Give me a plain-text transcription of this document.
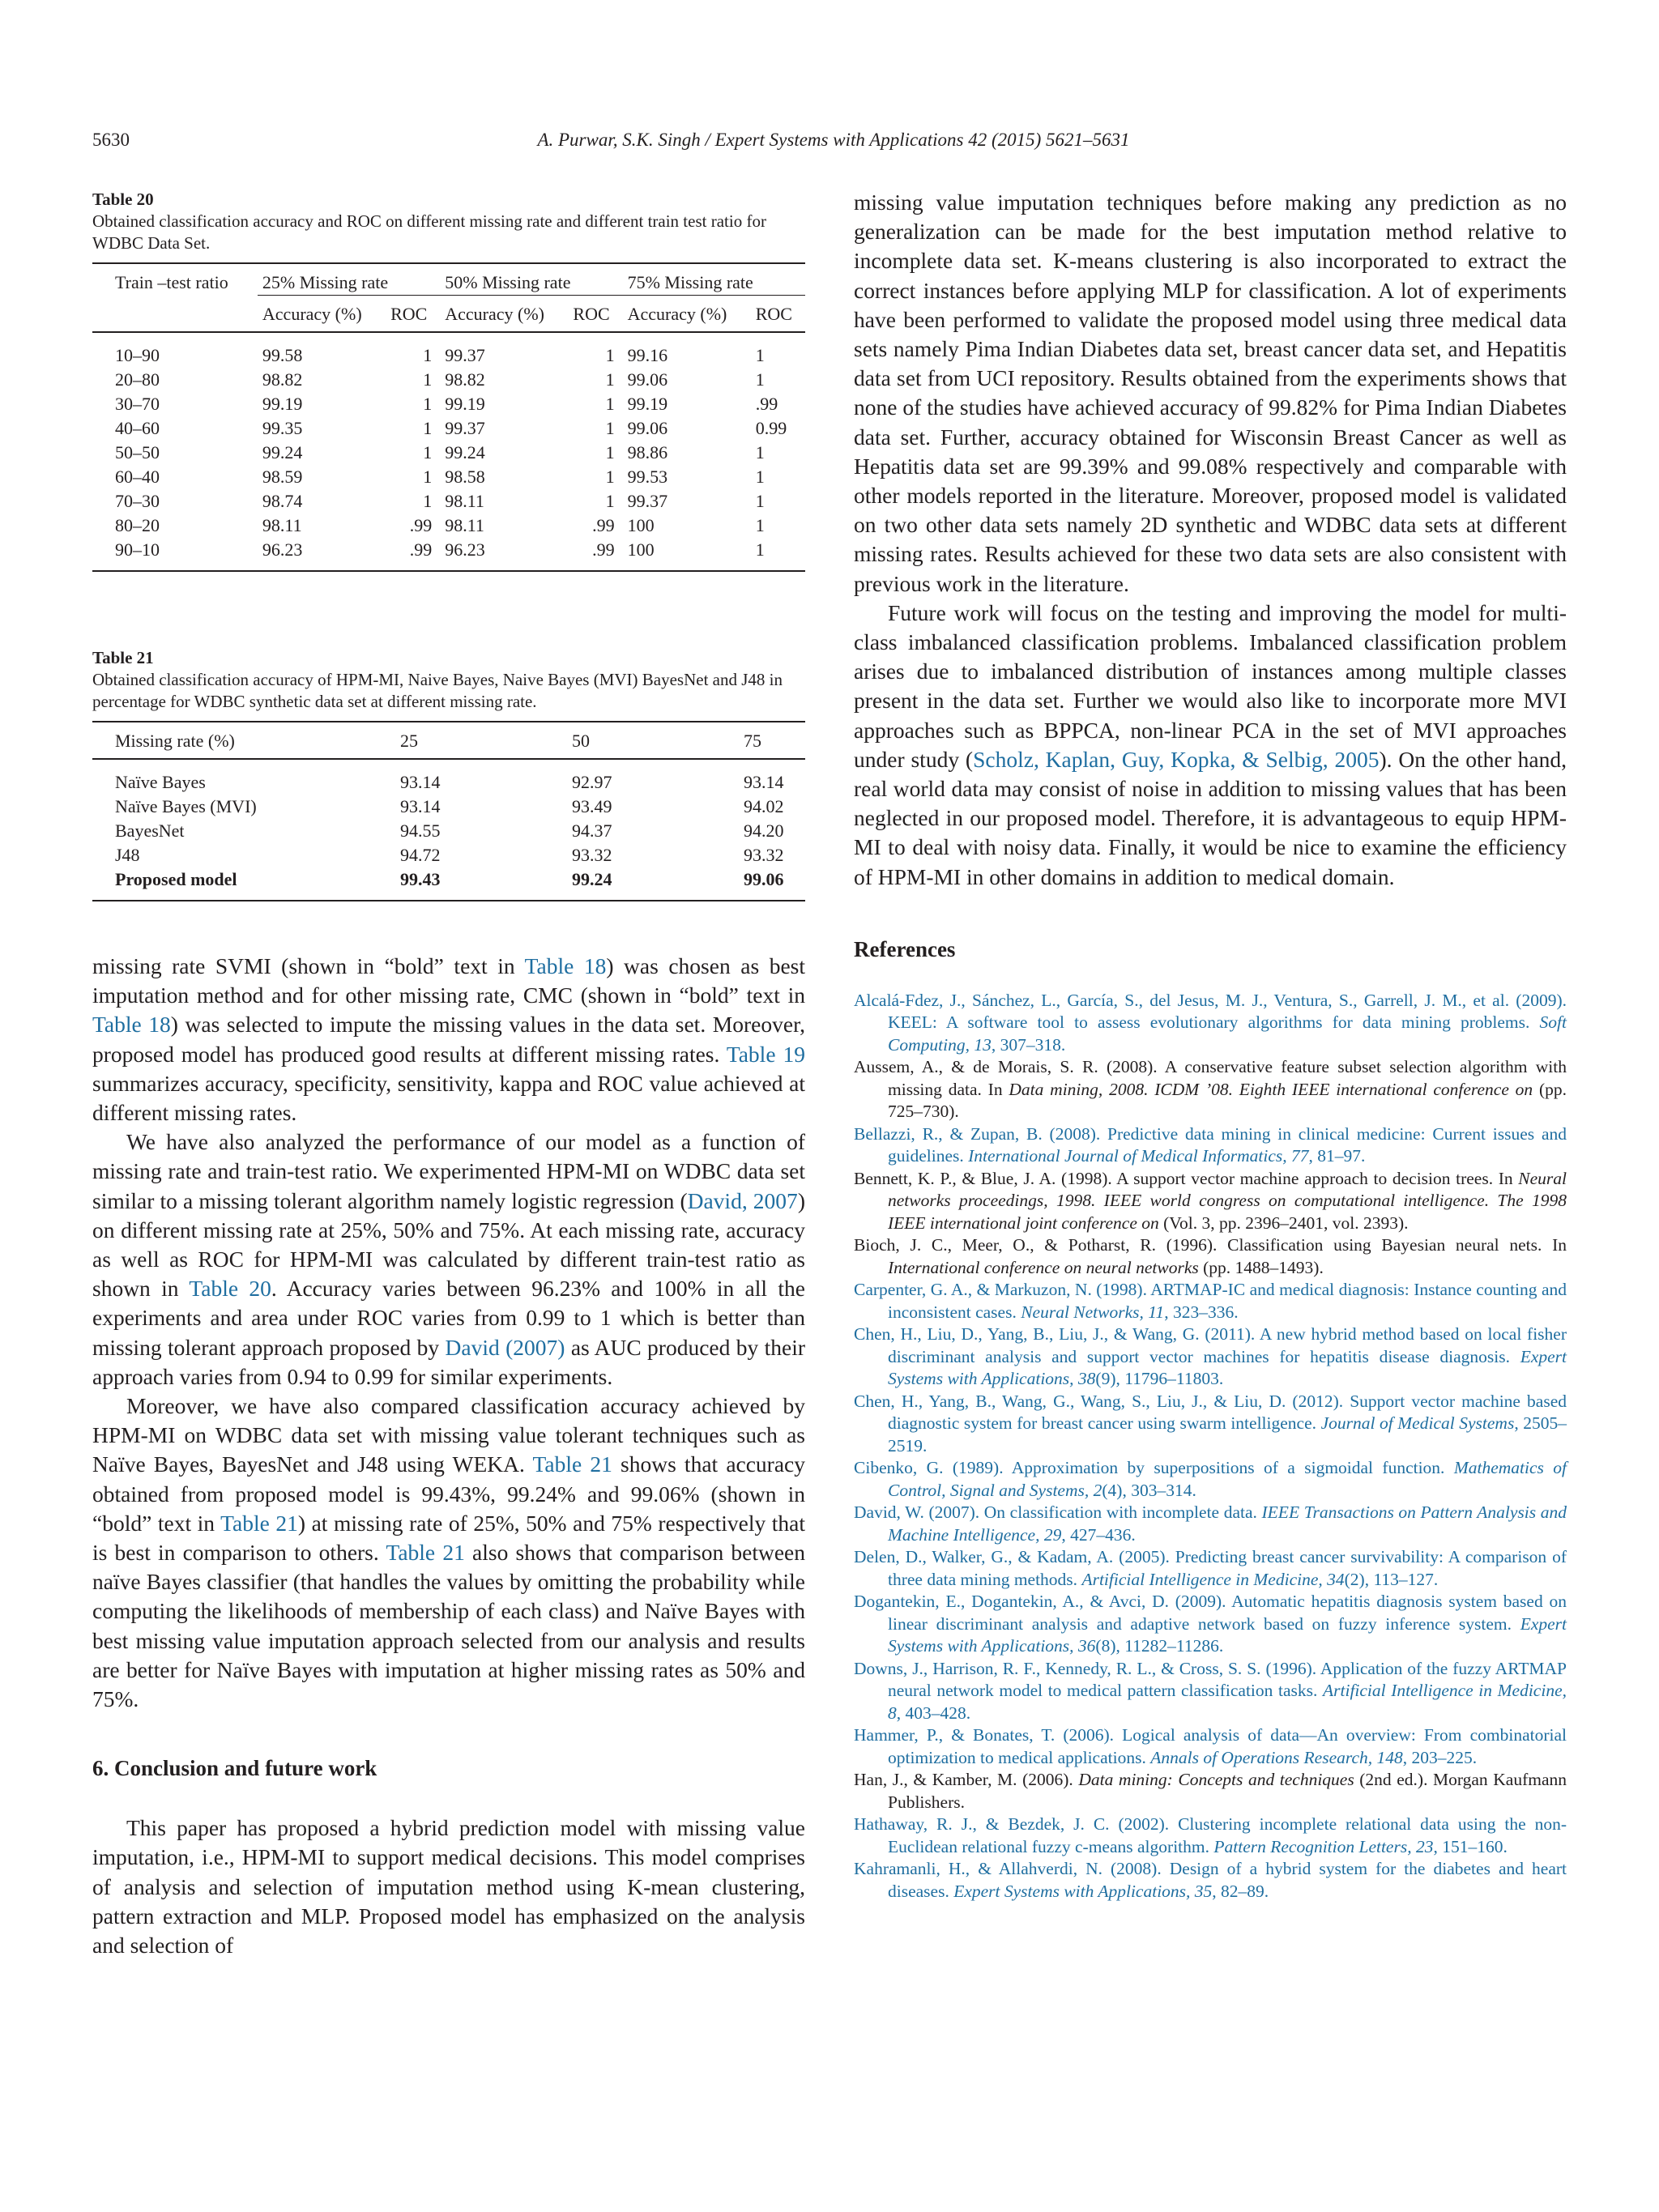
5630	A. Purwar, S.K. Singh / Expert Systems with Applications 42 (2015) 5621–5631

Table 20

Obtained classification accuracy and ROC on different missing rate and different train test ratio for WDBC Data Set.

Train –test ratio	25% Missing rate		50% Missing rate		75% Missing rate	
	Accuracy (%)	ROC	Accuracy (%)	ROC	Accuracy (%)	ROC

10–90	99.58	1	99.37	1	99.16	1
20–80	98.82	1	98.82	1	99.06	1
30–70	99.19	1	99.19	1	99.19	.99
40–60	99.35	1	99.37	1	99.06	0.99
50–50	99.24	1	99.24	1	98.86	1
60–40	98.59	1	98.58	1	99.53	1
70–30	98.74	1	98.11	1	99.37	1
80–20	98.11	.99	98.11	.99	100	1
90–10	96.23	.99	96.23	.99	100	1

Table 21

Obtained classification accuracy of HPM-MI, Naive Bayes, Naive Bayes (MVI) BayesNet and J48 in percentage for WDBC synthetic data set at different missing rate.

Missing rate (%)	25	50	75

Naïve Bayes	93.14	92.97	93.14
Naïve Bayes (MVI)	93.14	93.49	94.02
BayesNet	94.55	94.37	94.20
J48	94.72	93.32	93.32
Proposed model	99.43	99.24	99.06

missing rate SVMI (shown in “bold” text in Table 18) was chosen as best imputation method and for other missing rate, CMC (shown in “bold” text in Table 18) was selected to impute the missing values in the data set. Moreover, proposed model has produced good results at different missing rates. Table 19 summarizes accuracy, specificity, sensitivity, kappa and ROC value achieved at different missing rates.

We have also analyzed the performance of our model as a function of missing rate and train-test ratio. We experimented HPM-MI on WDBC data set similar to a missing tolerant algorithm namely logistic regression (David, 2007) on different missing rate at 25%, 50% and 75%. At each missing rate, accuracy as well as ROC for HPM-MI was calculated by different train-test ratio as shown in Table 20. Accuracy varies between 96.23% and 100% in all the experiments and area under ROC varies from 0.99 to 1 which is better than missing tolerant approach proposed by David (2007) as AUC produced by their approach varies from 0.94 to 0.99 for similar experiments.

Moreover, we have also compared classification accuracy achieved by HPM-MI on WDBC data set with missing value tolerant techniques such as Naïve Bayes, BayesNet and J48 using WEKA. Table 21 shows that accuracy obtained from proposed model is 99.43%, 99.24% and 99.06% (shown in “bold” text in Table 21) at missing rate of 25%, 50% and 75% respectively that is best in comparison to others. Table 21 also shows that comparison between naïve Bayes classifier (that handles the values by omitting the probability while computing the likelihoods of membership of each class) and Naïve Bayes with best missing value imputation approach selected from our analysis and results are better for Naïve Bayes with imputation at higher missing rates as 50% and 75%.

6. Conclusion and future work

This paper has proposed a hybrid prediction model with missing value imputation, i.e., HPM-MI to support medical decisions. This model comprises of analysis and selection of imputation method using K-mean clustering, pattern extraction and MLP. Proposed model has emphasized on the analysis and selection of

missing value imputation techniques before making any prediction as no generalization can be made for the best imputation method relative to incomplete data set. K-means clustering is also incorporated to extract the correct instances before applying MLP for classification. A lot of experiments have been performed to validate the proposed model using three medical data sets namely Pima Indian Diabetes data set, breast cancer data set, and Hepatitis data set from UCI repository. Results obtained from the experiments shows that none of the studies have achieved accuracy of 99.82% for Pima Indian Diabetes data set. Further, accuracy obtained for Wisconsin Breast Cancer as well as Hepatitis data set are 99.39% and 99.08% respectively and comparable with other models reported in the literature. Moreover, proposed model is validated on two other data sets namely 2D synthetic and WDBC data sets at different missing rates. Results achieved for these two data sets are also consistent with previous work in the literature.

Future work will focus on the testing and improving the model for multi-class imbalanced classification problems. Imbalanced classification problem arises due to imbalanced distribution of instances among multiple classes present in the data set. Further we would also like to incorporate more MVI approaches such as BPPCA, non-linear PCA in the set of MVI approaches under study (Scholz, Kaplan, Guy, Kopka, & Selbig, 2005). On the other hand, real world data may consist of noise in addition to missing values that has been neglected in our proposed model. Therefore, it is advantageous to equip HPM-MI to deal with noisy data. Finally, it would be nice to examine the efficiency of HPM-MI in other domains in addition to medical domain.

References

Alcalá-Fdez, J., Sánchez, L., García, S., del Jesus, M. J., Ventura, S., Garrell, J. M., et al. (2009). KEEL: A software tool to assess evolutionary algorithms for data mining problems. Soft Computing, 13, 307–318.

Aussem, A., & de Morais, S. R. (2008). A conservative feature subset selection algorithm with missing data. In Data mining, 2008. ICDM ’08. Eighth IEEE international conference on (pp. 725–730).

Bellazzi, R., & Zupan, B. (2008). Predictive data mining in clinical medicine: Current issues and guidelines. International Journal of Medical Informatics, 77, 81–97.

Bennett, K. P., & Blue, J. A. (1998). A support vector machine approach to decision trees. In Neural networks proceedings, 1998. IEEE world congress on computational intelligence. The 1998 IEEE international joint conference on (Vol. 3, pp. 2396–2401, vol. 2393).

Bioch, J. C., Meer, O., & Potharst, R. (1996). Classification using Bayesian neural nets. In International conference on neural networks (pp. 1488–1493).

Carpenter, G. A., & Markuzon, N. (1998). ARTMAP-IC and medical diagnosis: Instance counting and inconsistent cases. Neural Networks, 11, 323–336.

Chen, H., Liu, D., Yang, B., Liu, J., & Wang, G. (2011). A new hybrid method based on local fisher discriminant analysis and support vector machines for hepatitis disease diagnosis. Expert Systems with Applications, 38(9), 11796–11803.

Chen, H., Yang, B., Wang, G., Wang, S., Liu, J., & Liu, D. (2012). Support vector machine based diagnostic system for breast cancer using swarm intelligence. Journal of Medical Systems, 2505–2519.

Cibenko, G. (1989). Approximation by superpositions of a sigmoidal function. Mathematics of Control, Signal and Systems, 2(4), 303–314.

David, W. (2007). On classification with incomplete data. IEEE Transactions on Pattern Analysis and Machine Intelligence, 29, 427–436.

Delen, D., Walker, G., & Kadam, A. (2005). Predicting breast cancer survivability: A comparison of three data mining methods. Artificial Intelligence in Medicine, 34(2), 113–127.

Dogantekin, E., Dogantekin, A., & Avci, D. (2009). Automatic hepatitis diagnosis system based on linear discriminant analysis and adaptive network based on fuzzy inference system. Expert Systems with Applications, 36(8), 11282–11286.

Downs, J., Harrison, R. F., Kennedy, R. L., & Cross, S. S. (1996). Application of the fuzzy ARTMAP neural network model to medical pattern classification tasks. Artificial Intelligence in Medicine, 8, 403–428.

Hammer, P., & Bonates, T. (2006). Logical analysis of data—An overview: From combinatorial optimization to medical applications. Annals of Operations Research, 148, 203–225.

Han, J., & Kamber, M. (2006). Data mining: Concepts and techniques (2nd ed.). Morgan Kaufmann Publishers.

Hathaway, R. J., & Bezdek, J. C. (2002). Clustering incomplete relational data using the non-Euclidean relational fuzzy c-means algorithm. Pattern Recognition Letters, 23, 151–160.

Kahramanli, H., & Allahverdi, N. (2008). Design of a hybrid system for the diabetes and heart diseases. Expert Systems with Applications, 35, 82–89.
